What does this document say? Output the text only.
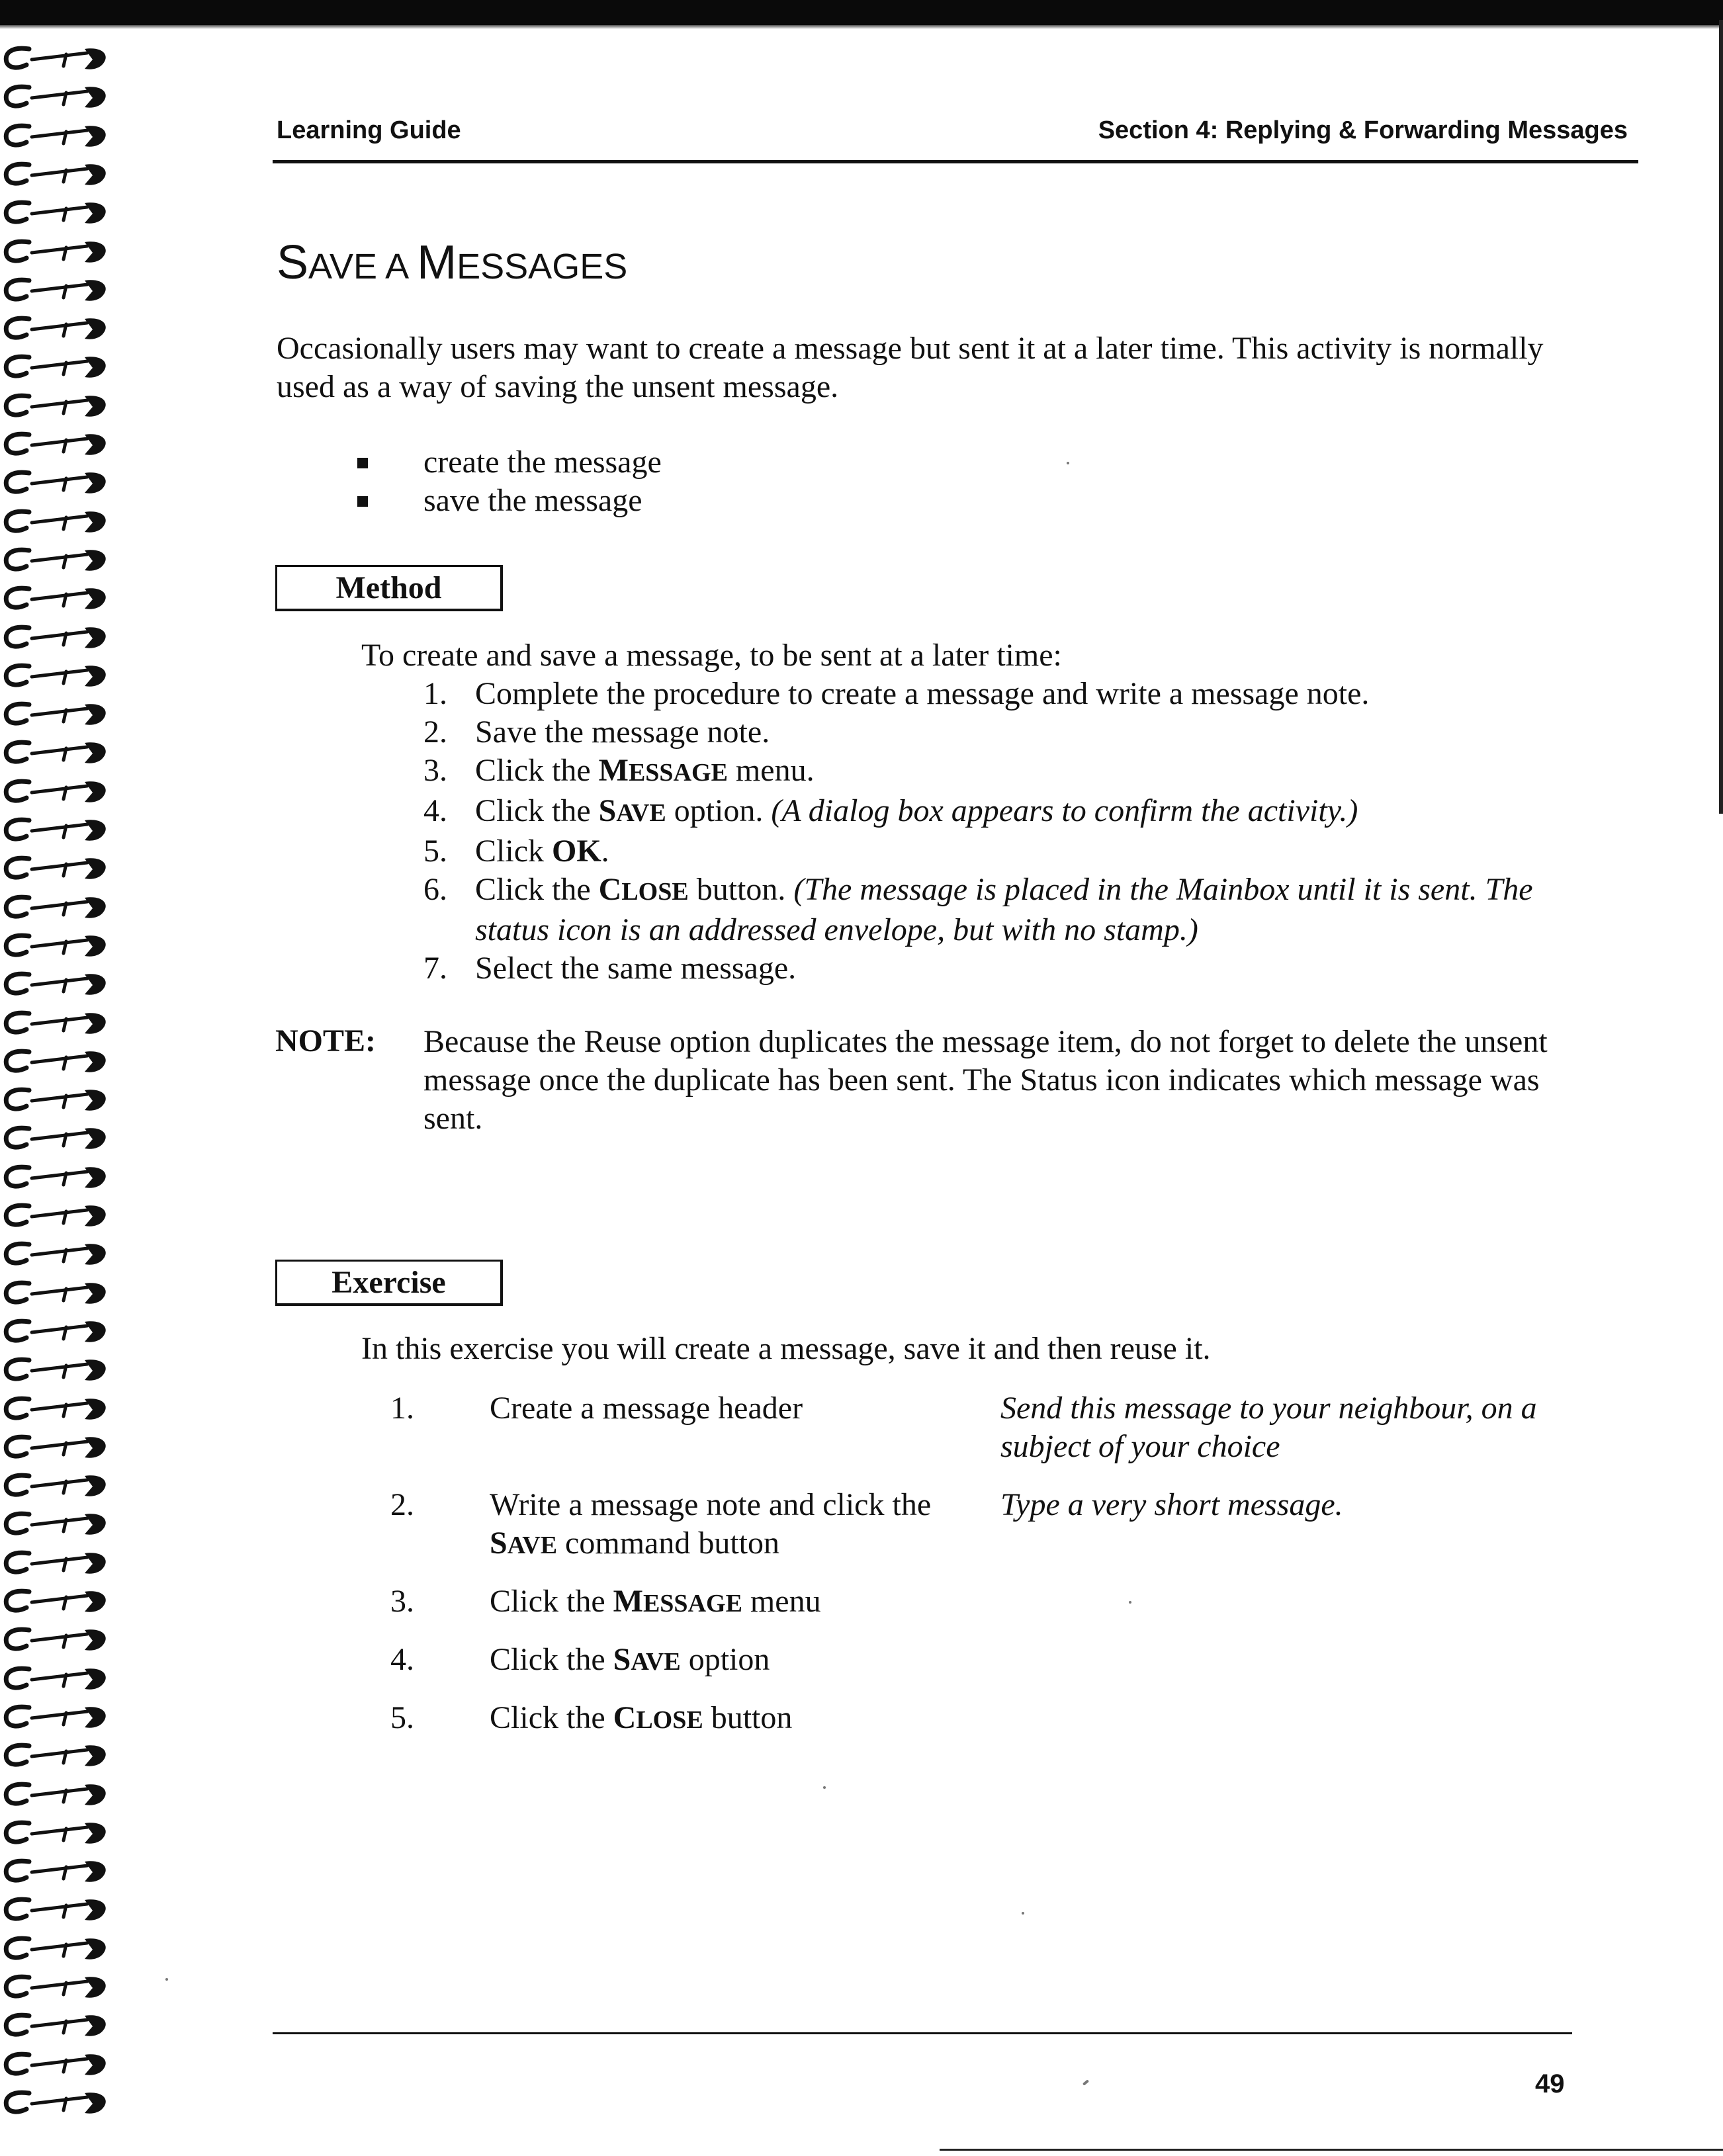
Learning Guide	Section 4: Replying & Forwarding Messages
SAVE A MESSAGES

Occasionally users may want to create a message but sent it at a later time. This activity is normally used as a way of saving the unsent message.

create the message
save the message
Method

To create and save a message, to be sent at a later time:

1. Complete the procedure to create a message and write a message note.
2. Save the message note.
3. Click the MESSAGE menu.
4. Click the SAVE option. (A dialog box appears to confirm the activity.)
5. Click OK.
6. Click the CLOSE button. (The message is placed in the Mainbox until it is sent. The status icon is an addressed envelope, but with no stamp.)
7. Select the same message.
NOTE: Because the Reuse option duplicates the message item, do not forget to delete the unsent message once the duplicate has been sent. The Status icon indicates which message was sent.

Exercise

In this exercise you will create a message, save it and then reuse it.

1. Create a message header	Send this message to your neighbour, on a subject of your choice
2. Write a message note and click the SAVE command button
Type a very short message.
3. Click the MESSAGE menu
4. Click the SAVE option
5. Click the CLOSE button
49
